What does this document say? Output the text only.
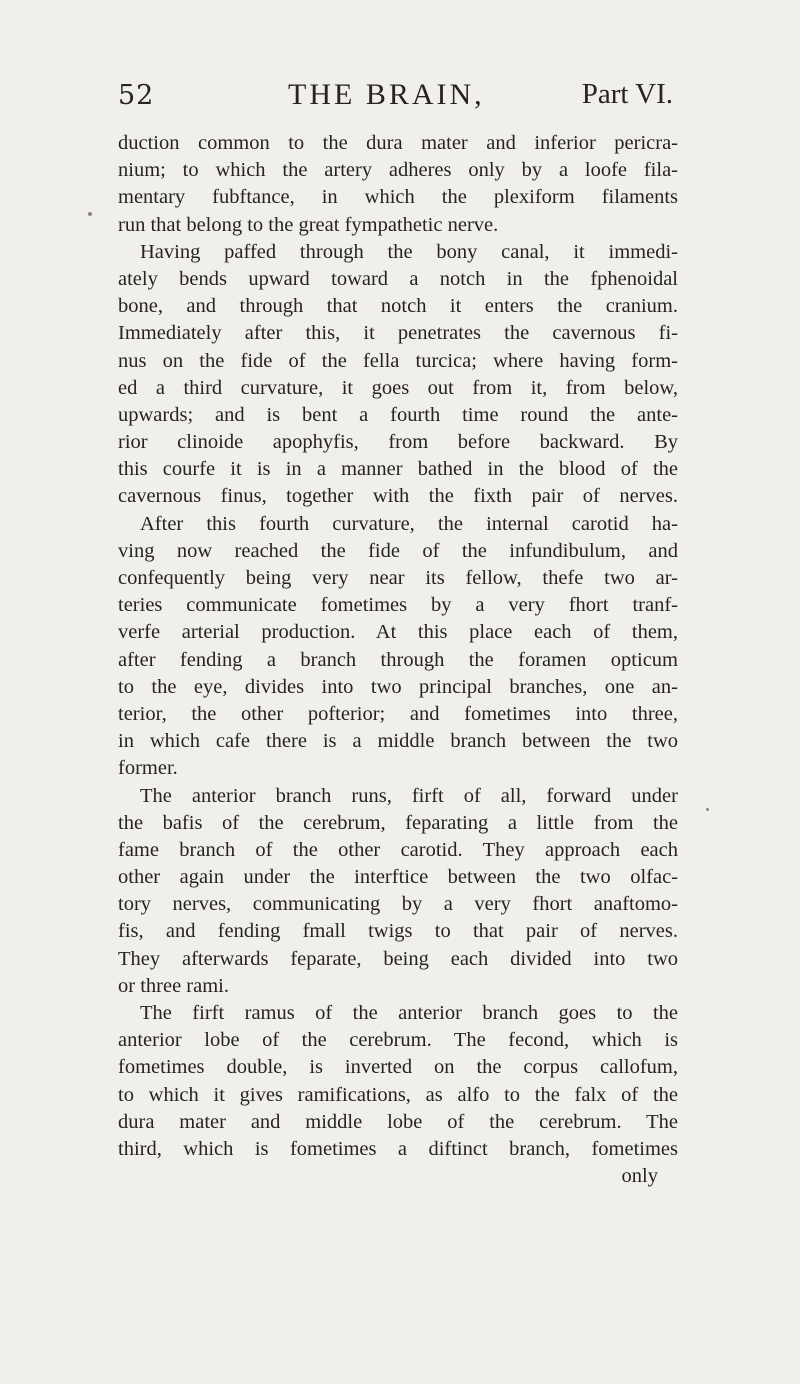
52	THE BRAIN,	Part VI.
duction common to the dura mater and inferior pericra-
nium; to which the artery adheres only by a loofe fila-
mentary fubftance, in which the plexiform filaments
run that belong to the great fympathetic nerve.
Having paffed through the bony canal, it immedi-
ately bends upward toward a notch in the fphenoidal
bone, and through that notch it enters the cranium.
Immediately after this, it penetrates the cavernous fi-
nus on the fide of the fella turcica; where having form-
ed a third curvature, it goes out from it, from below,
upwards; and is bent a fourth time round the ante-
rior clinoide apophyfis, from before backward. By
this courfe it is in a manner bathed in the blood of the
cavernous finus, together with the fixth pair of nerves.
After this fourth curvature, the internal carotid ha-
ving now reached the fide of the infundibulum, and
confequently being very near its fellow, thefe two ar-
teries communicate fometimes by a very fhort tranf-
verfe arterial production. At this place each of them,
after fending a branch through the foramen opticum
to the eye, divides into two principal branches, one an-
terior, the other pofterior; and fometimes into three,
in which cafe there is a middle branch between the two
former.
The anterior branch runs, firft of all, forward under
the bafis of the cerebrum, feparating a little from the
fame branch of the other carotid. They approach each
other again under the interftice between the two olfac-
tory nerves, communicating by a very fhort anaftomo-
fis, and fending fmall twigs to that pair of nerves.
They afterwards feparate, being each divided into two
or three rami.
The firft ramus of the anterior branch goes to the
anterior lobe of the cerebrum. The fecond, which is
fometimes double, is inverted on the corpus callofum,
to which it gives ramifications, as alfo to the falx of the
dura mater and middle lobe of the cerebrum. The
third, which is fometimes a diftinct branch, fometimes
only
